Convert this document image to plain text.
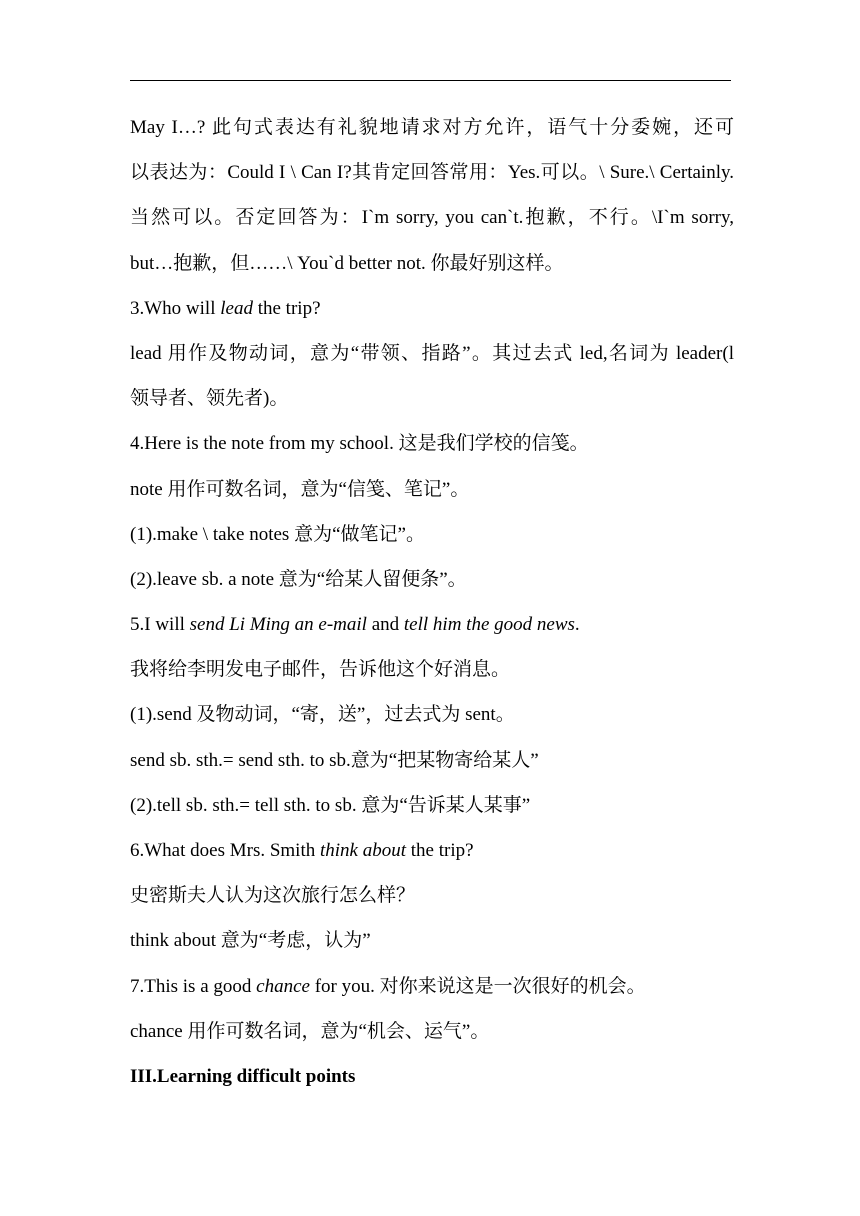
May I…? 此句式表达有礼貌地请求对方允许，语气十分委婉，还可
以表达为：Could I \ Can I?其肯定回答常用：Yes.可以。\ Sure.\ Certainly.
当然可以。否定回答为：I`m sorry, you can`t.抱歉，不行。\I`m sorry,
but…抱歉，但……\ You`d better not. 你最好别这样。
3.Who will lead the trip?
lead 用作及物动词，意为“带领、指路”。其过去式 led,名词为 leader(l
领导者、领先者)。
4.Here is the note from my school. 这是我们学校的信笺。
note 用作可数名词，意为“信笺、笔记”。
(1).make \ take notes 意为“做笔记”。
(2).leave sb. a note 意为“给某人留便条”。
5.I will send Li Ming an e-mail and tell him the good news.
我将给李明发电子邮件，告诉他这个好消息。
(1).send 及物动词，“寄，送”，过去式为 sent。
send sb. sth.= send sth. to sb.意为“把某物寄给某人”
(2).tell sb. sth.= tell sth. to sb. 意为“告诉某人某事”
6.What does Mrs. Smith think about the trip?
史密斯夫人认为这次旅行怎么样？
think about 意为“考虑，认为”
7.This is a good chance for you. 对你来说这是一次很好的机会。
chance 用作可数名词，意为“机会、运气”。
III.Learning difficult points
